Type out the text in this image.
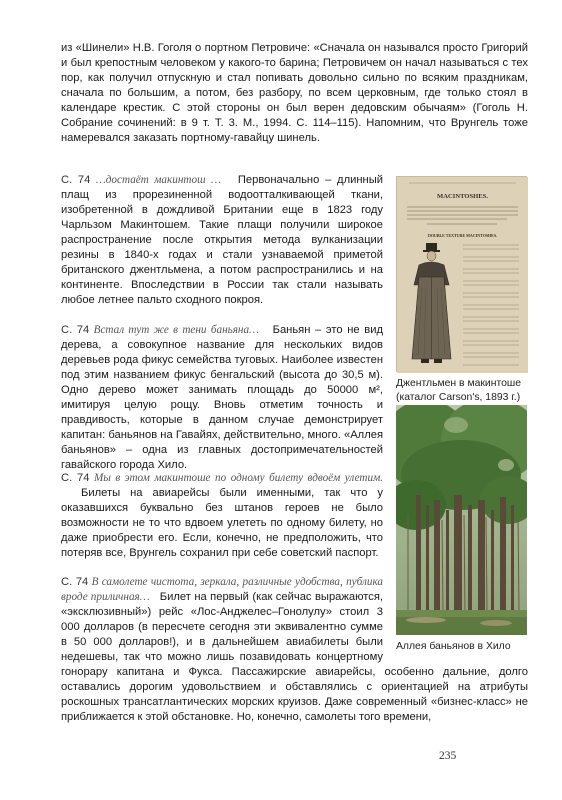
из «Шинели» Н.В. Гоголя о портном Петровиче: «Сначала он назывался просто Григорий и был крепостным человеком у какого-то барина; Петровичем он начал называться с тех пор, как получил отпускную и стал попивать довольно сильно по всяким праздникам, сначала по большим, а потом, без разбору, по всем церковным, где только стоял в календаре крестик. С этой стороны он был верен дедовским обычаям» (Гоголь Н. Собрание сочинений: в 9 т. Т. 3. М., 1994. С. 114–115). Напомним, что Врунгель тоже намеревался заказать портному-гавайцу шинель.

С. 74 …достаёт макинтош … Первоначально – длинный плащ из прорезиненной водоотталкивающей ткани, изобретенной в дождливой Британии еще в 1823 году Чарльзом Макинтошем. Такие плащи получили широкое распространение после открытия метода вулканизации резины в 1840-х годах и стали узнаваемой приметой британского джентльмена, а потом распространились и на континенте. Впоследствии в России так стали называть любое летнее пальто сходного покроя.

С. 74 Встал тут же в тени баньяна… Баньян – это не вид дерева, а совокупное название для нескольких видов деревьев рода фикус семейства туговых. Наиболее известен под этим названием фикус бенгальский (высота до 30,5 м). Одно дерево может занимать площадь до 50000 м², имитируя целую рощу. Вновь отметим точность и правдивость, которые в данном случае демонстрирует капитан: баньянов на Гавайях, действительно, много. «Аллея баньянов» – одна из главных достопримечательностей гавайского города Хило.

С. 74 Мы в этом макинтоше по одному билету вдвоём улетим.   Билеты на авиарейсы были именными, так что у оказавшихся буквально без штанов героев не было возможности не то что вдвоем улететь по одному билету, но даже приобрести его. Если, конечно, не предположить, что потеряв все, Врунгель сохранил при себе советский паспорт.

С. 74 В самолете чистота, зеркала, различные удобства, публика вроде приличная… Билет на первый (как сейчас выражаются, «эксклюзивный») рейс «Лос-Анджелес–Гонолулу» стоил 3 000 долларов (в пересчете сегодня эти эквивалентно сумме в 50 000 долларов!), и в дальнейшем авиабилеты были недешевы, так что можно лишь позавидовать концертному гонорару капитана и Фукса. Пассажирские авиарейсы, особенно дальние, долго оставались дорогим удовольствием и обставлялись с ориентацией на атрибуты роскошных трансатлантических морских круизов. Даже современный «бизнес-класс» не приближается к этой обстановке. Но, конечно, самолеты того времени,
MACINTOSHES.
DOUBLE TEXTURE MACINTOSHES.
Джентльмен в макинтоше (каталог Carson's, 1893 г.)
Аллея баньянов в Хило
235
